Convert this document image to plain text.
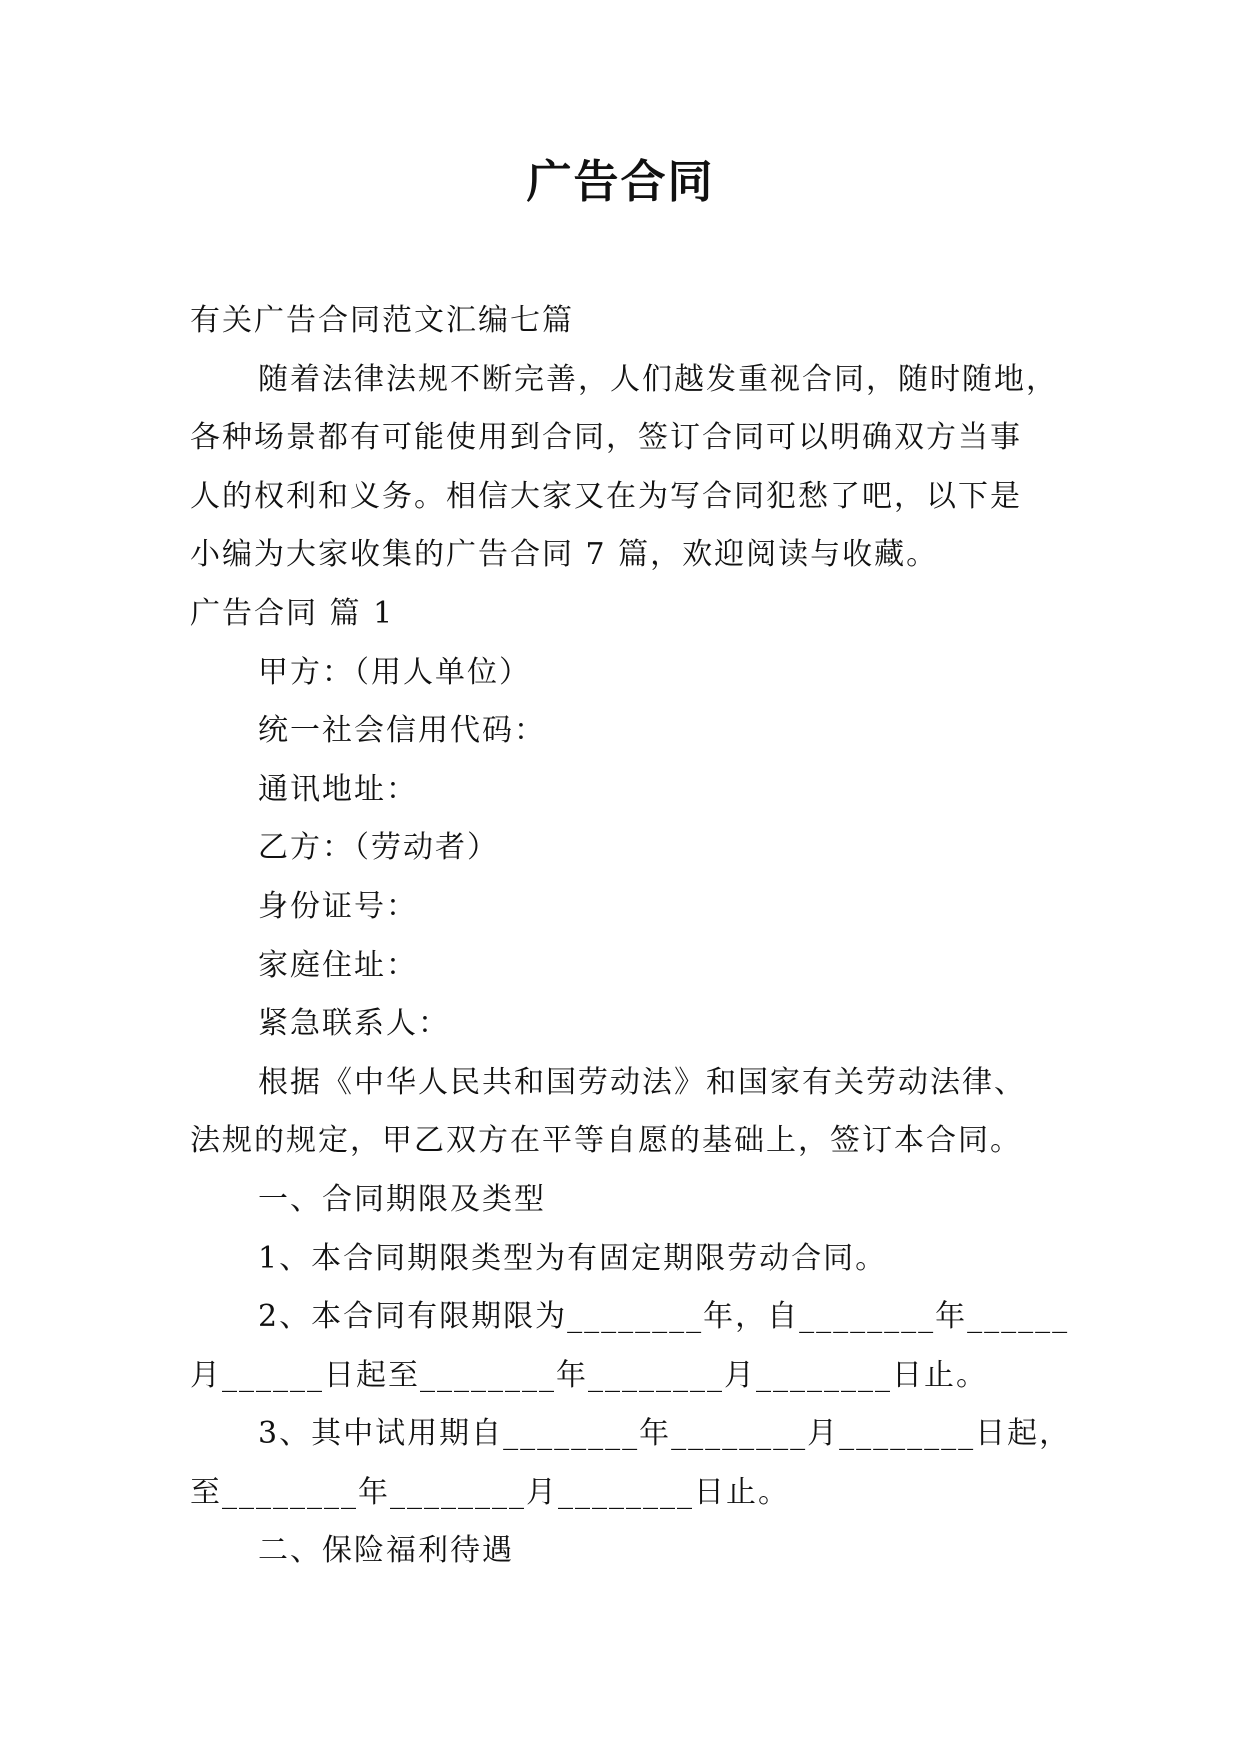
广告合同
有关广告合同范文汇编七篇
随着法律法规不断完善，人们越发重视合同，随时随地，
各种场景都有可能使用到合同，签订合同可以明确双方当事
人的权利和义务。相信大家又在为写合同犯愁了吧，以下是
小编为大家收集的广告合同 7 篇，欢迎阅读与收藏。
广告合同 篇 1
甲方：（用人单位）
统一社会信用代码：
通讯地址：
乙方：（劳动者）
身份证号：
家庭住址：
紧急联系人：
根据《中华人民共和国劳动法》和国家有关劳动法律、
法规的规定，甲乙双方在平等自愿的基础上，签订本合同。
一、合同期限及类型
1、本合同期限类型为有固定期限劳动合同。
2、本合同有限期限为________年，自________年______
月______日起至________年________月________日止。
3、其中试用期自________年________月________日起，
至________年________月________日止。
二、保险福利待遇
